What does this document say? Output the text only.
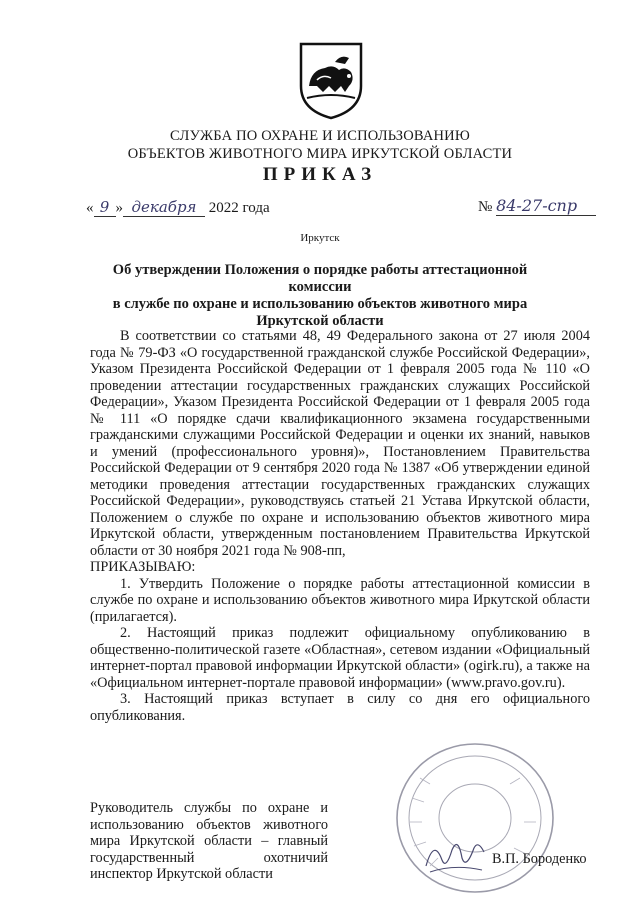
СЛУЖБА ПО ОХРАНЕ И ИСПОЛЬЗОВАНИЮ
ОБЪЕКТОВ ЖИВОТНОГО МИРА ИРКУТСКОЙ ОБЛАСТИ
ПРИКАЗ
« 9 » декабря 2022 года	№ 84-27-спр
Иркутск
Об утверждении Положения о порядке работы аттестационной комиссии
в службе по охране и использованию объектов животного мира
Иркутской области

В соответствии со статьями 48, 49 Федерального закона от 27 июля 2004 года № 79-ФЗ «О государственной гражданской службе Российской Федерации», Указом Президента Российской Федерации от 1 февраля 2005 года № 110 «О проведении аттестации государственных гражданских служащих Российской Федерации», Указом Президента Российской Федерации от 1 февраля 2005 года № 111 «О порядке сдачи квалификационного экзамена государственными гражданскими служащими Российской Федерации и оценки их знаний, навыков и умений (профессионального уровня)», Постановлением Правительства Российской Федерации от 9 сентября 2020 года № 1387 «Об утверждении единой методики проведения аттестации государственных гражданских служащих Российской Федерации», руководствуясь статьей 21 Устава Иркутской области, Положением о службе по охране и использованию объектов животного мира Иркутской области, утвержденным постановлением Правительства Иркутской области от 30 ноября 2021 года № 908-пп,

ПРИКАЗЫВАЮ:

1. Утвердить Положение о порядке работы аттестационной комиссии в службе по охране и использованию объектов животного мира Иркутской области (прилагается).

2. Настоящий приказ подлежит официальному опубликованию в общественно-политической газете «Областная», сетевом издании «Официальный интернет-портал правовой информации Иркутской области» (ogirk.ru), а также на «Официальном интернет-портале правовой информации» (www.pravo.gov.ru).

3. Настоящий приказ вступает в силу со дня его официального опубликования.

Руководитель службы по охране и использованию объектов животного мира Иркутской области – главный государственный охотничий инспектор Иркутской области
В.П. Бороденко
